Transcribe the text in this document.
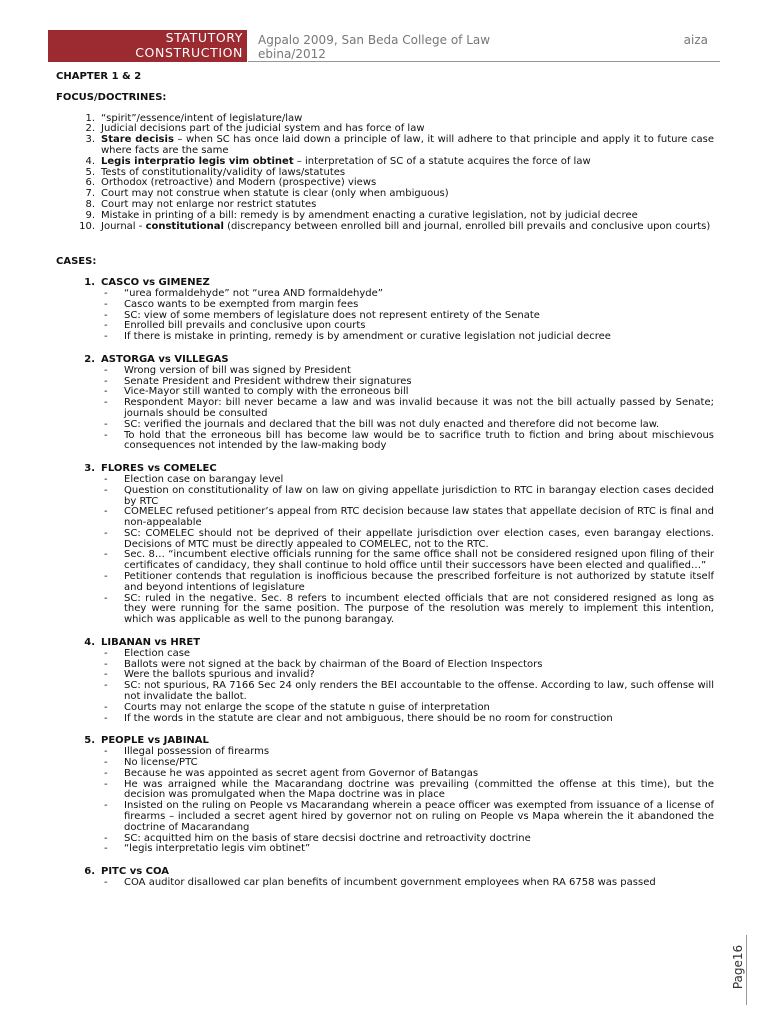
STATUTORY
CONSTRUCTION
Agpalo 2009, San Beda College of Law
ebina/2012
aiza

CHAPTER 1 & 2

FOCUS/DOCTRINES:

1. “spirit”/essence/intent of legislature/law
2. Judicial decisions part of the judicial system and has force of law
3. Stare decisis – when SC has once laid down a principle of law, it will adhere to that principle and apply it to future case where facts are the same
4. Legis interpratio legis vim obtinet – interpretation of SC of a statute acquires the force of law
5. Tests of constitutionality/validity of laws/statutes
6. Orthodox (retroactive) and Modern (prospective) views
7. Court may not construe when statute is clear (only when ambiguous)
8. Court may not enlarge nor restrict statutes
9. Mistake in printing of a bill: remedy is by amendment enacting a curative legislation, not by judicial decree
10. Journal - constitutional (discrepancy between enrolled bill and journal, enrolled bill prevails and conclusive upon courts)

CASES:

1. CASCO vs GIMENEZ
- “urea formaldehyde” not “urea AND formaldehyde”
- Casco wants to be exempted from margin fees
- SC: view of some members of legislature does not represent entirety of the Senate
- Enrolled bill prevails and conclusive upon courts
- If there is mistake in printing, remedy is by amendment or curative legislation not judicial decree
2. ASTORGA vs VILLEGAS
- Wrong version of bill was signed by President
- Senate President and President withdrew their signatures
- Vice-Mayor still wanted to comply with the erroneous bill
- Respondent Mayor: bill never became a law and was invalid because it was not the bill actually passed by Senate; journals should be consulted
- SC: verified the journals and declared that the bill was not duly enacted and therefore did not become law.
- To hold that the erroneous bill has become law would be to sacrifice truth to fiction and bring about mischievous consequences not intended by the law-making body
3. FLORES vs COMELEC
- Election case on barangay level
- Question on constitutionality of law on law on giving appellate jurisdiction to RTC in barangay election cases decided by RTC
- COMELEC refused petitioner’s appeal from RTC decision because law states that appellate decision of RTC is final and non-appealable
- SC: COMELEC should not be deprived of their appellate jurisdiction over election cases, even barangay elections. Decisions of MTC must be directly appealed to COMELEC, not to the RTC.
- Sec. 8… “incumbent elective officials running for the same office shall not be considered resigned upon filing of their certificates of candidacy, they shall continue to hold office until their successors have been elected and qualified…”
- Petitioner contends that regulation is inofficious because the prescribed forfeiture is not authorized by statute itself and beyond intentions of legislature
- SC: ruled in the negative. Sec. 8 refers to incumbent elected officials that are not considered resigned as long as they were running for the same position. The purpose of the resolution was merely to implement this intention, which was applicable as well to the punong barangay.
4. LIBANAN vs HRET
- Election case
- Ballots were not signed at the back by chairman of the Board of Election Inspectors
- Were the ballots spurious and invalid?
- SC: not spurious, RA 7166 Sec 24 only renders the BEI accountable to the offense. According to law, such offense will not invalidate the ballot.
- Courts may not enlarge the scope of the statute n guise of interpretation
- If the words in the statute are clear and not ambiguous, there should be no room for construction
5. PEOPLE vs JABINAL
- Illegal possession of firearms
- No license/PTC
- Because he was appointed as secret agent from Governor of Batangas
- He was arraigned while the Macarandang doctrine was prevailing (committed the offense at this time), but the decision was promulgated when the Mapa doctrine was in place
- Insisted on the ruling on People vs Macarandang wherein a peace officer was exempted from issuance of a license of firearms – included a secret agent hired by governor not on ruling on People vs Mapa wherein the it abandoned the doctrine of Macarandang
- SC: acquitted him on the basis of stare decsisi doctrine and retroactivity doctrine
- “legis interpretatio legis vim obtinet”
6. PITC vs COA
- COA auditor disallowed car plan benefits of incumbent government employees when RA 6758 was passed
Page16
